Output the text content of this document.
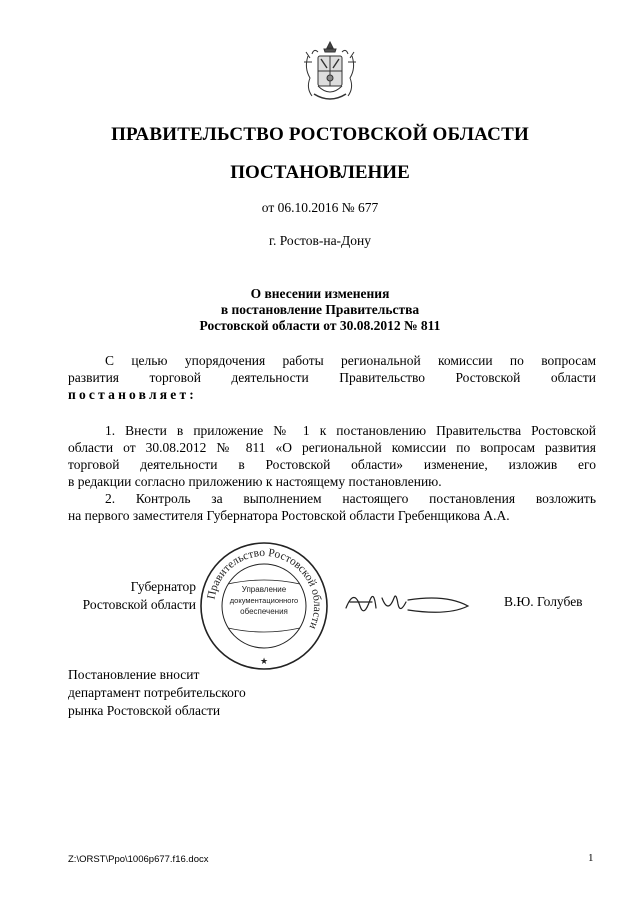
ПРАВИТЕЛЬСТВО РОСТОВСКОЙ ОБЛАСТИ
ПОСТАНОВЛЕНИЕ
от 06.10.2016 № 677
г. Ростов-на-Дону
О внесении изменения
в постановление Правительства
Ростовской области от 30.08.2012 № 811
С целью упорядочения работы региональной комиссии по вопросам
развития торговой деятельности Правительство Ростовской области
постановляет:
1. Внести в приложение № 1 к постановлению Правительства Ростовской
области от 30.08.2012 № 811 «О региональной комиссии по вопросам развития
торговой деятельности в Ростовской области» изменение, изложив его
в редакции согласно приложению к настоящему постановлению.
2. Контроль за выполнением настоящего постановления возложить
на первого заместителя Губернатора Ростовской области Гребенщикова А.А.
Губернатор
Ростовской области
Правительство Ростовской области
Управление
документационного
обеспечения
★
В.Ю. Голубев
Постановление вносит
департамент потребительского
рынка Ростовской области
Z:\ORST\Ppo\1006p677.f16.docx	1
